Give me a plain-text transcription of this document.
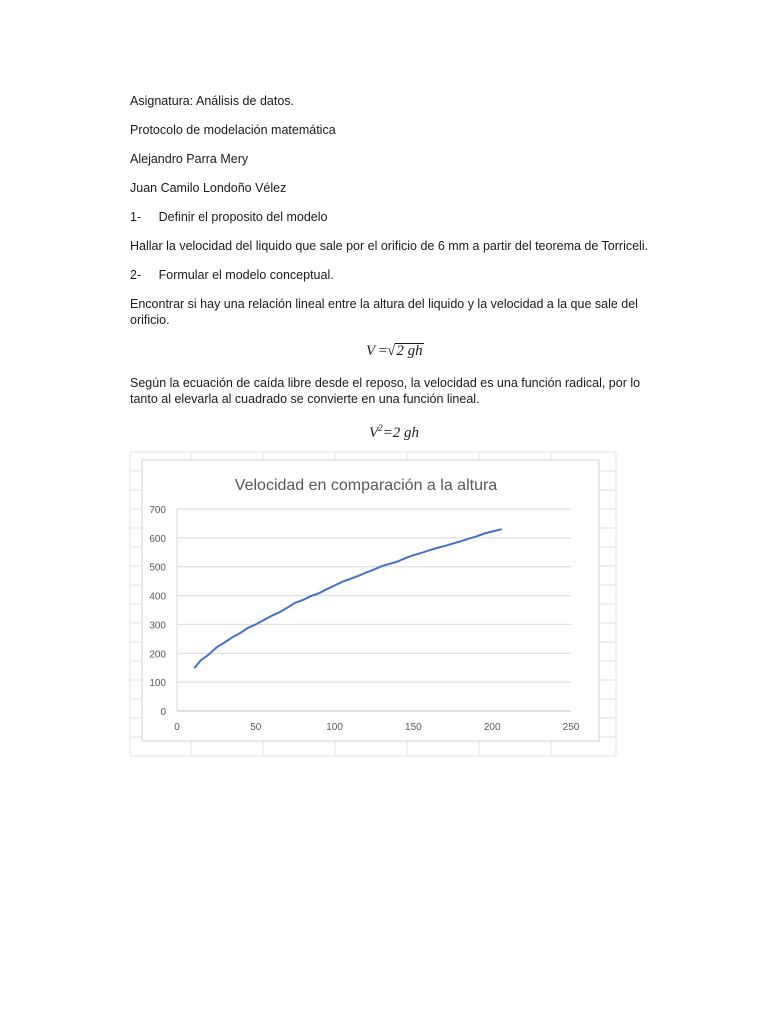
Asignatura: Análisis de datos.
Protocolo de modelación matemática
Alejandro Parra Mery
Juan Camilo Londoño Vélez
1- Definir el proposito del modelo
Hallar la velocidad del liquido que sale por el orificio de 6 mm a partir del teorema de Torriceli.
2- Formular el modelo conceptual.
Encontrar si hay una relación lineal entre la altura del liquido y la velocidad a la que sale del orificio.
V =√2 gh
Según la ecuación de caída libre desde el reposo, la velocidad es una función radical, por lo tanto al elevarla al cuadrado se convierte en una función lineal.
$V^2=2$ gh
Velocidad en comparación a la altura
0
100
200
300
400
500
600
700
0	50	100	150	200	250
